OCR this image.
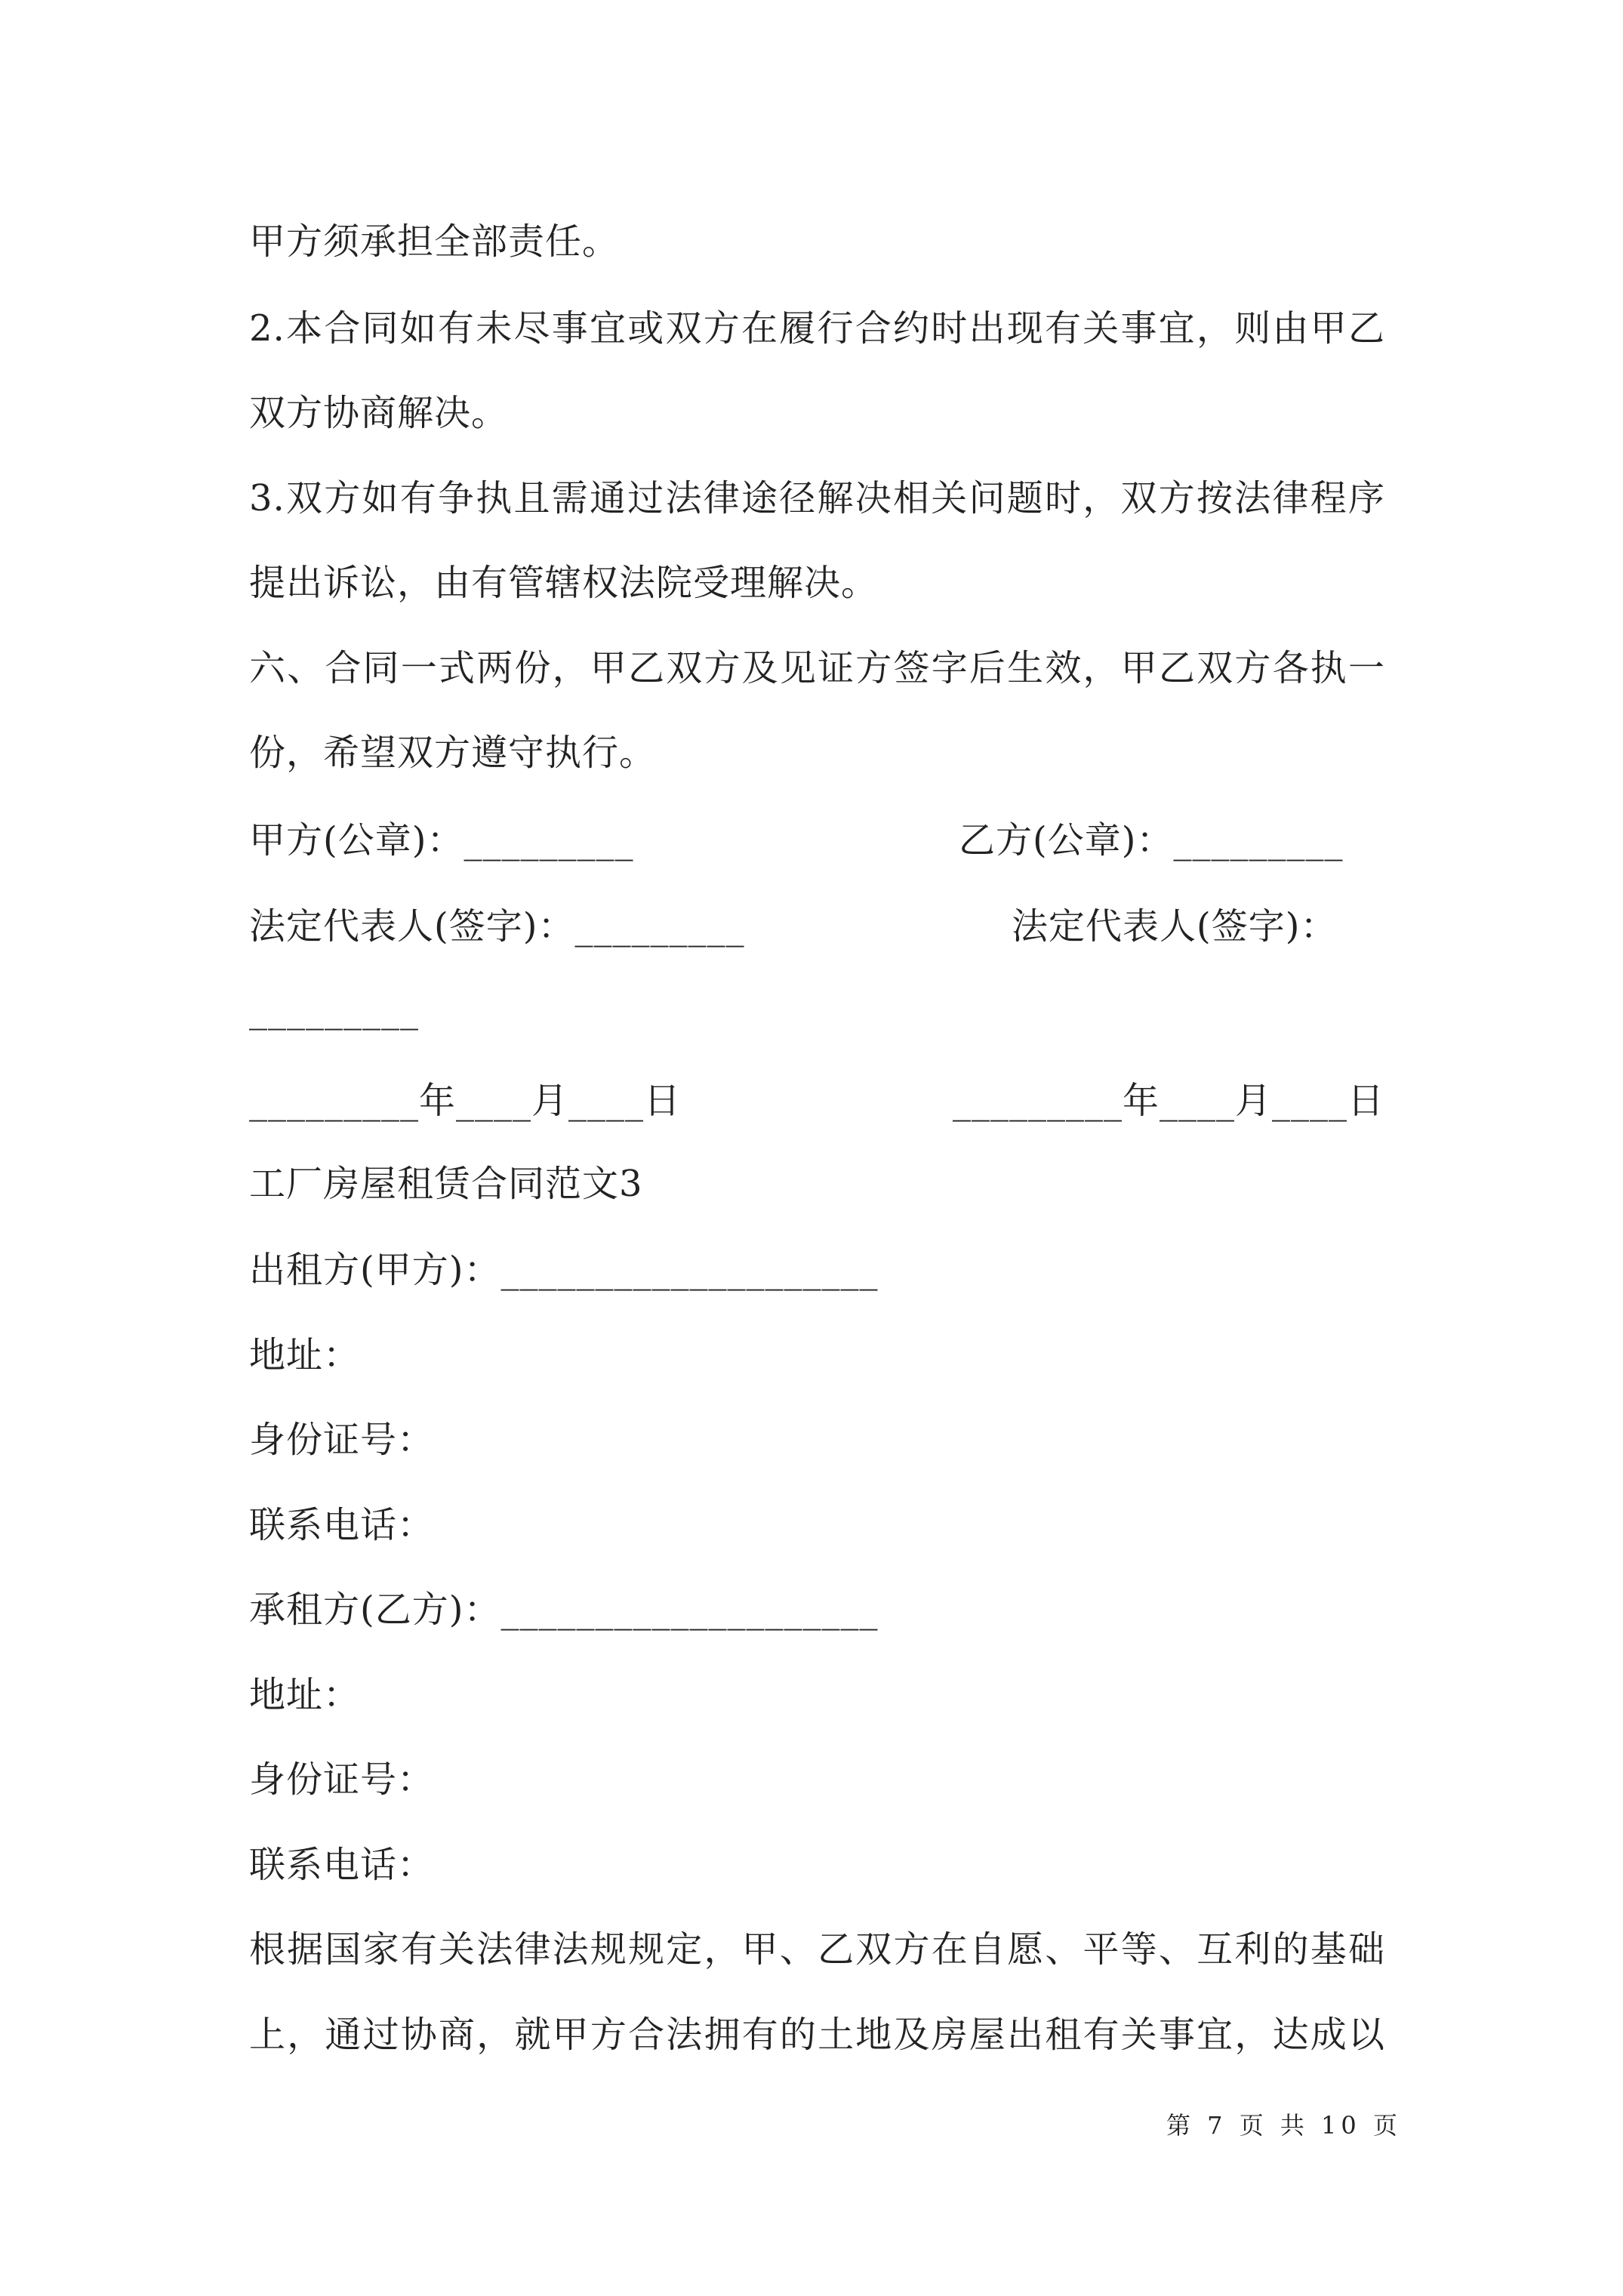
甲方须承担全部责任。
2.本合同如有未尽事宜或双方在履行合约时出现有关事宜，则由甲乙
双方协商解决。
3.双方如有争执且需通过法律途径解决相关问题时，双方按法律程序
提出诉讼，由有管辖权法院受理解决。
六、合同一式两份，甲乙双方及见证方签字后生效，甲乙双方各执一
份，希望双方遵守执行。
甲方(公章)：_________	乙方(公章)：_________
法定代表人(签字)：_________	法定代表人(签字)：
_________
_________年____月____日	_________年____月____日
工厂房屋租赁合同范文3
出租方(甲方)：____________________
地址：
身份证号：
联系电话：
承租方(乙方)：____________________
地址：
身份证号：
联系电话：
根据国家有关法律法规规定，甲、乙双方在自愿、平等、互利的基础
上，通过协商，就甲方合法拥有的土地及房屋出租有关事宜，达成以
第 7 页 共 10 页
